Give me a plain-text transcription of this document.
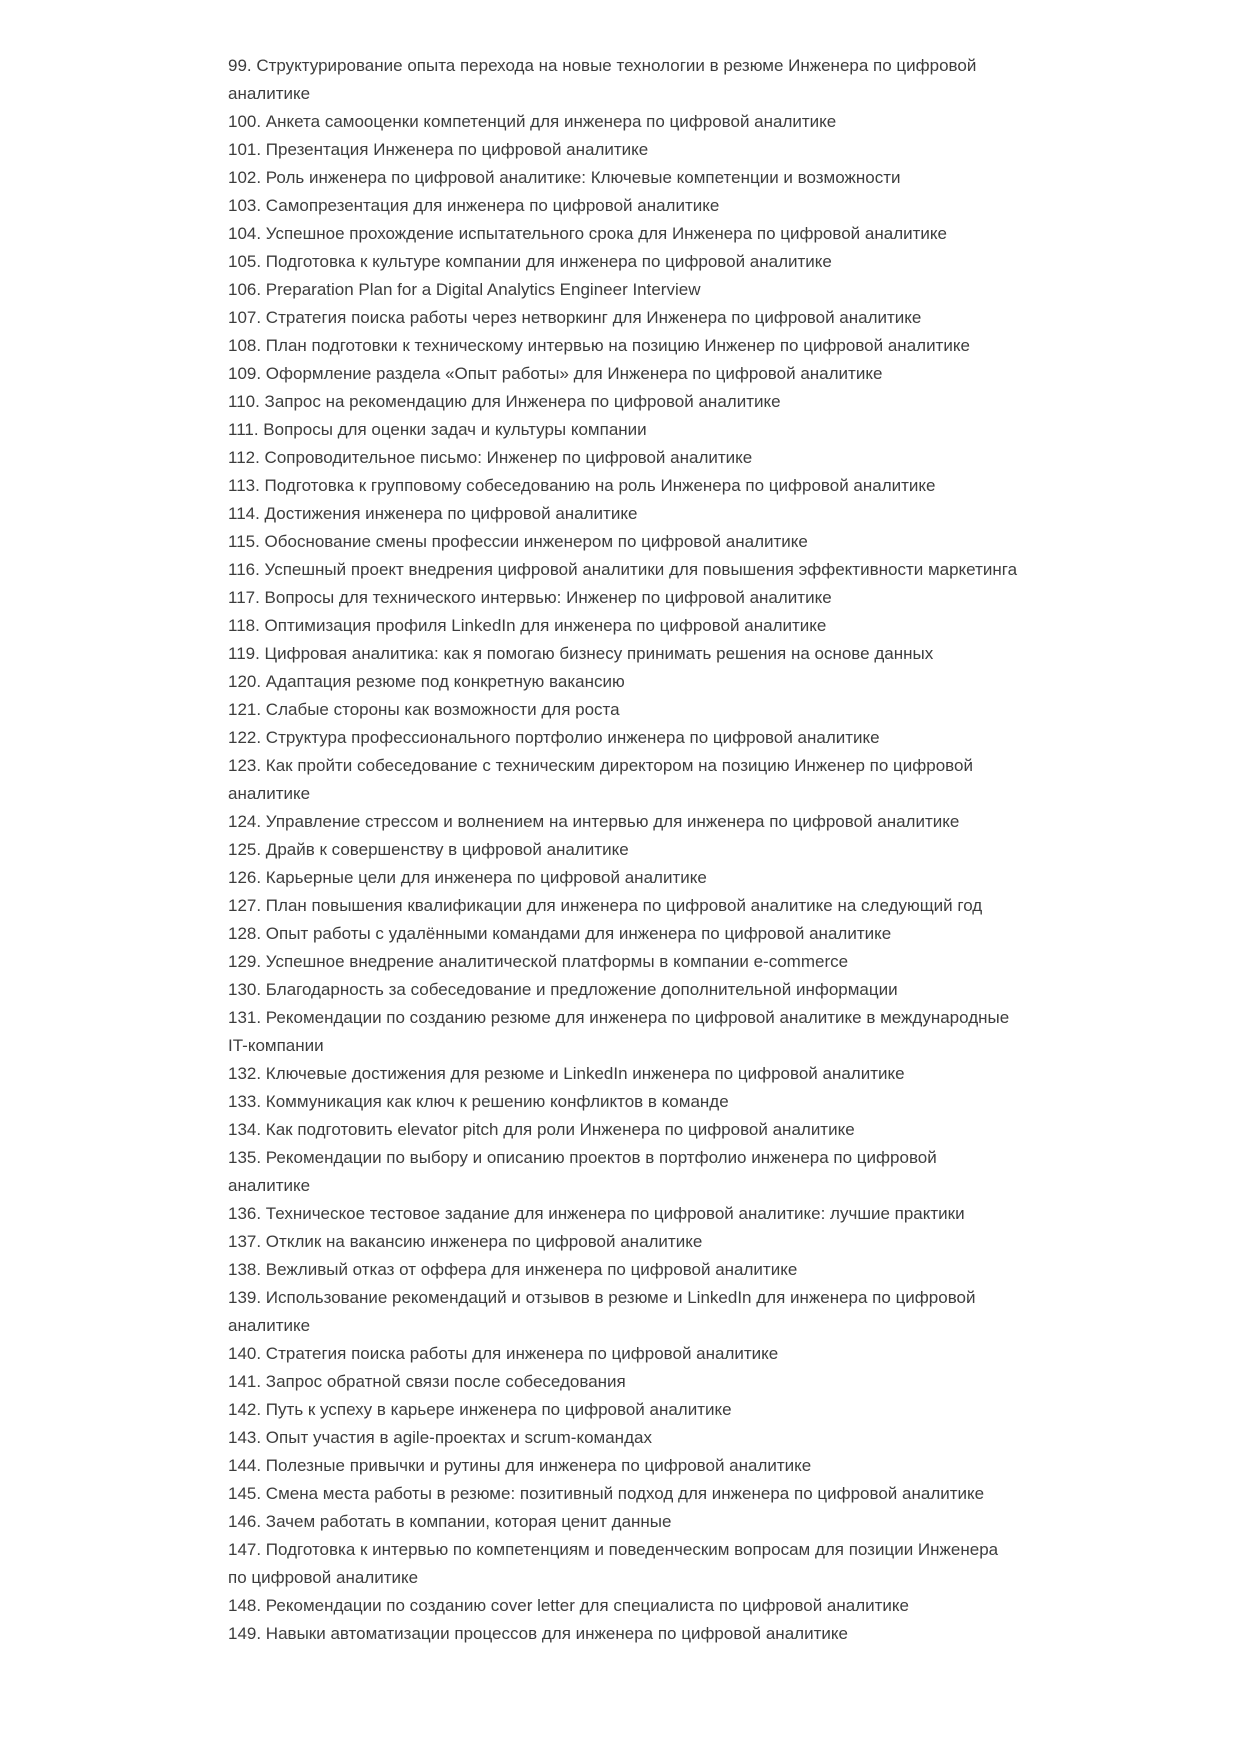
99. Структурирование опыта перехода на новые технологии в резюме Инженера по цифровой аналитике

100. Анкета самооценки компетенций для инженера по цифровой аналитике

101. Презентация Инженера по цифровой аналитике

102. Роль инженера по цифровой аналитике: Ключевые компетенции и возможности

103. Самопрезентация для инженера по цифровой аналитике

104. Успешное прохождение испытательного срока для Инженера по цифровой аналитике

105. Подготовка к культуре компании для инженера по цифровой аналитике

106. Preparation Plan for a Digital Analytics Engineer Interview

107. Стратегия поиска работы через нетворкинг для Инженера по цифровой аналитике

108. План подготовки к техническому интервью на позицию Инженер по цифровой аналитике

109. Оформление раздела «Опыт работы» для Инженера по цифровой аналитике

110. Запрос на рекомендацию для Инженера по цифровой аналитике

111. Вопросы для оценки задач и культуры компании

112. Сопроводительное письмо: Инженер по цифровой аналитике

113. Подготовка к групповому собеседованию на роль Инженера по цифровой аналитике

114. Достижения инженера по цифровой аналитике

115. Обоснование смены профессии инженером по цифровой аналитике

116. Успешный проект внедрения цифровой аналитики для повышения эффективности маркетинга

117. Вопросы для технического интервью: Инженер по цифровой аналитике

118. Оптимизация профиля LinkedIn для инженера по цифровой аналитике

119. Цифровая аналитика: как я помогаю бизнесу принимать решения на основе данных

120. Адаптация резюме под конкретную вакансию

121. Слабые стороны как возможности для роста

122. Структура профессионального портфолио инженера по цифровой аналитике

123. Как пройти собеседование с техническим директором на позицию Инженер по цифровой аналитике

124. Управление стрессом и волнением на интервью для инженера по цифровой аналитике

125. Драйв к совершенству в цифровой аналитике

126. Карьерные цели для инженера по цифровой аналитике

127. План повышения квалификации для инженера по цифровой аналитике на следующий год

128. Опыт работы с удалёнными командами для инженера по цифровой аналитике

129. Успешное внедрение аналитической платформы в компании e-commerce

130. Благодарность за собеседование и предложение дополнительной информации

131. Рекомендации по созданию резюме для инженера по цифровой аналитике в международные IT-компании

132. Ключевые достижения для резюме и LinkedIn инженера по цифровой аналитике

133. Коммуникация как ключ к решению конфликтов в команде

134. Как подготовить elevator pitch для роли Инженера по цифровой аналитике

135. Рекомендации по выбору и описанию проектов в портфолио инженера по цифровой аналитике

136. Техническое тестовое задание для инженера по цифровой аналитике: лучшие практики

137. Отклик на вакансию инженера по цифровой аналитике

138. Вежливый отказ от оффера для инженера по цифровой аналитике

139. Использование рекомендаций и отзывов в резюме и LinkedIn для инженера по цифровой аналитике

140. Стратегия поиска работы для инженера по цифровой аналитике

141. Запрос обратной связи после собеседования

142. Путь к успеху в карьере инженера по цифровой аналитике

143. Опыт участия в agile-проектах и scrum-командах

144. Полезные привычки и рутины для инженера по цифровой аналитике

145. Смена места работы в резюме: позитивный подход для инженера по цифровой аналитике

146. Зачем работать в компании, которая ценит данные

147. Подготовка к интервью по компетенциям и поведенческим вопросам для позиции Инженера по цифровой аналитике

148. Рекомендации по созданию cover letter для специалиста по цифровой аналитике

149. Навыки автоматизации процессов для инженера по цифровой аналитике
